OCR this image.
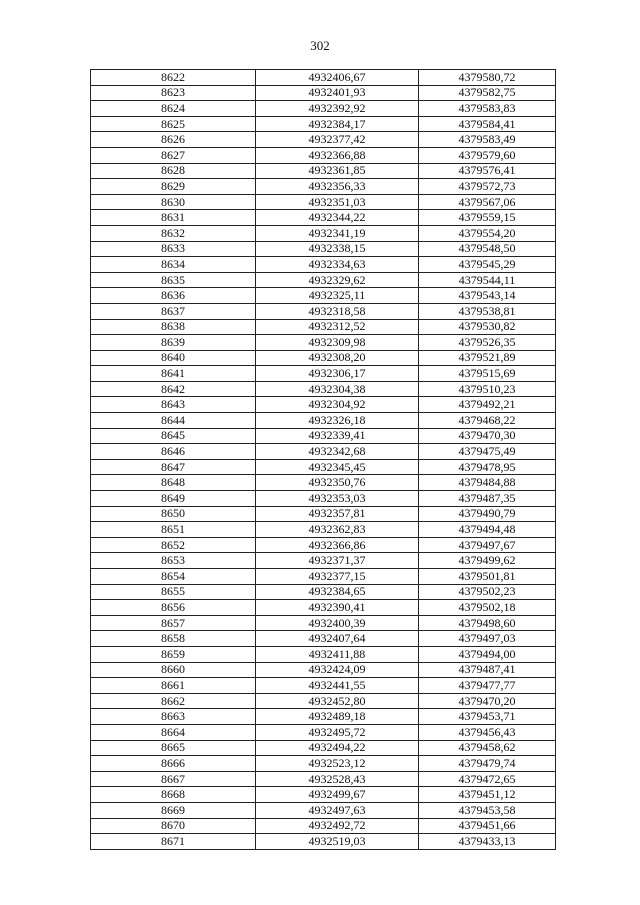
302
8622	4932406,67	4379580,72
8623	4932401,93	4379582,75
8624	4932392,92	4379583,83
8625	4932384,17	4379584,41
8626	4932377,42	4379583,49
8627	4932366,88	4379579,60
8628	4932361,85	4379576,41
8629	4932356,33	4379572,73
8630	4932351,03	4379567,06
8631	4932344,22	4379559,15
8632	4932341,19	4379554,20
8633	4932338,15	4379548,50
8634	4932334,63	4379545,29
8635	4932329,62	4379544,11
8636	4932325,11	4379543,14
8637	4932318,58	4379538,81
8638	4932312,52	4379530,82
8639	4932309,98	4379526,35
8640	4932308,20	4379521,89
8641	4932306,17	4379515,69
8642	4932304,38	4379510,23
8643	4932304,92	4379492,21
8644	4932326,18	4379468,22
8645	4932339,41	4379470,30
8646	4932342,68	4379475,49
8647	4932345,45	4379478,95
8648	4932350,76	4379484,88
8649	4932353,03	4379487,35
8650	4932357,81	4379490,79
8651	4932362,83	4379494,48
8652	4932366,86	4379497,67
8653	4932371,37	4379499,62
8654	4932377,15	4379501,81
8655	4932384,65	4379502,23
8656	4932390,41	4379502,18
8657	4932400,39	4379498,60
8658	4932407,64	4379497,03
8659	4932411,88	4379494,00
8660	4932424,09	4379487,41
8661	4932441,55	4379477,77
8662	4932452,80	4379470,20
8663	4932489,18	4379453,71
8664	4932495,72	4379456,43
8665	4932494,22	4379458,62
8666	4932523,12	4379479,74
8667	4932528,43	4379472,65
8668	4932499,67	4379451,12
8669	4932497,63	4379453,58
8670	4932492,72	4379451,66
8671	4932519,03	4379433,13
